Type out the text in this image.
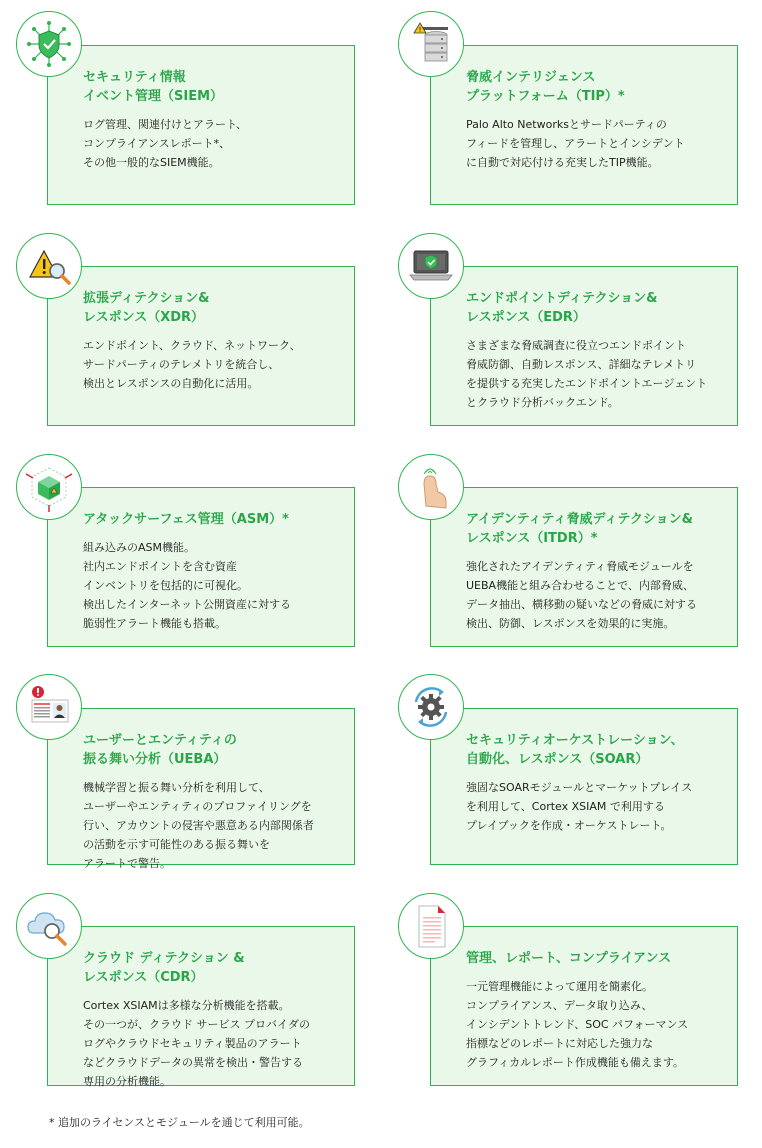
セキュリティ情報
イベント管理（SIEM）
ログ管理、関連付けとアラート、
コンプライアンスレポート*、
その他一般的なSIEM機能。
脅威インテリジェンス
プラットフォーム（TIP）*
Palo Alto Networksとサードパーティの
フィードを管理し、アラートとインシデント
に自動で対応付ける充実したTIP機能。
!
拡張ディテクション&
レスポンス（XDR）
エンドポイント、クラウド、ネットワーク、
サードパーティのテレメトリを統合し、
検出とレスポンスの自動化に活用。
エンドポイントディテクション&
レスポンス（EDR）
さまざまな脅威調査に役立つエンドポイント
脅威防御、自動レスポンス、詳細なテレメトリ
を提供する充実したエンドポイントエージェント
とクラウド分析バックエンド。
アタックサーフェス管理（ASM）*
組み込みのASM機能。
社内エンドポイントを含む資産
インベントリを包括的に可視化。
検出したインターネット公開資産に対する
脆弱性アラート機能も搭載。
アイデンティティ脅威ディテクション&
レスポンス（ITDR）*
強化されたアイデンティティ脅威モジュールを
UEBA機能と組み合わせることで、内部脅威、
データ抽出、横移動の疑いなどの脅威に対する
検出、防御、レスポンスを効果的に実施。
ユーザーとエンティティの
振る舞い分析（UEBA）
機械学習と振る舞い分析を利用して、
ユーザーやエンティティのプロファイリングを
行い、アカウントの侵害や悪意ある内部関係者
の活動を示す可能性のある振る舞いを
アラートで警告。
セキュリティオーケストレーション、
自動化、レスポンス（SOAR）
強固なSOARモジュールとマーケットプレイス
を利用して、Cortex XSIAM で利用する
プレイブックを作成・オーケストレート。
クラウド ディテクション &
レスポンス（CDR）
Cortex XSIAMは多様な分析機能を搭載。
その一つが、クラウド サービス プロバイダの
ログやクラウドセキュリティ製品のアラート
などクラウドデータの異常を検出・警告する
専用の分析機能。
管理、レポート、コンプライアンス
一元管理機能によって運用を簡素化。
コンプライアンス、データ取り込み、
インシデントトレンド、SOC パフォーマンス
指標などのレポートに対応した強力な
グラフィカルレポート作成機能も備えます。
* 追加のライセンスとモジュールを通じて利用可能。
